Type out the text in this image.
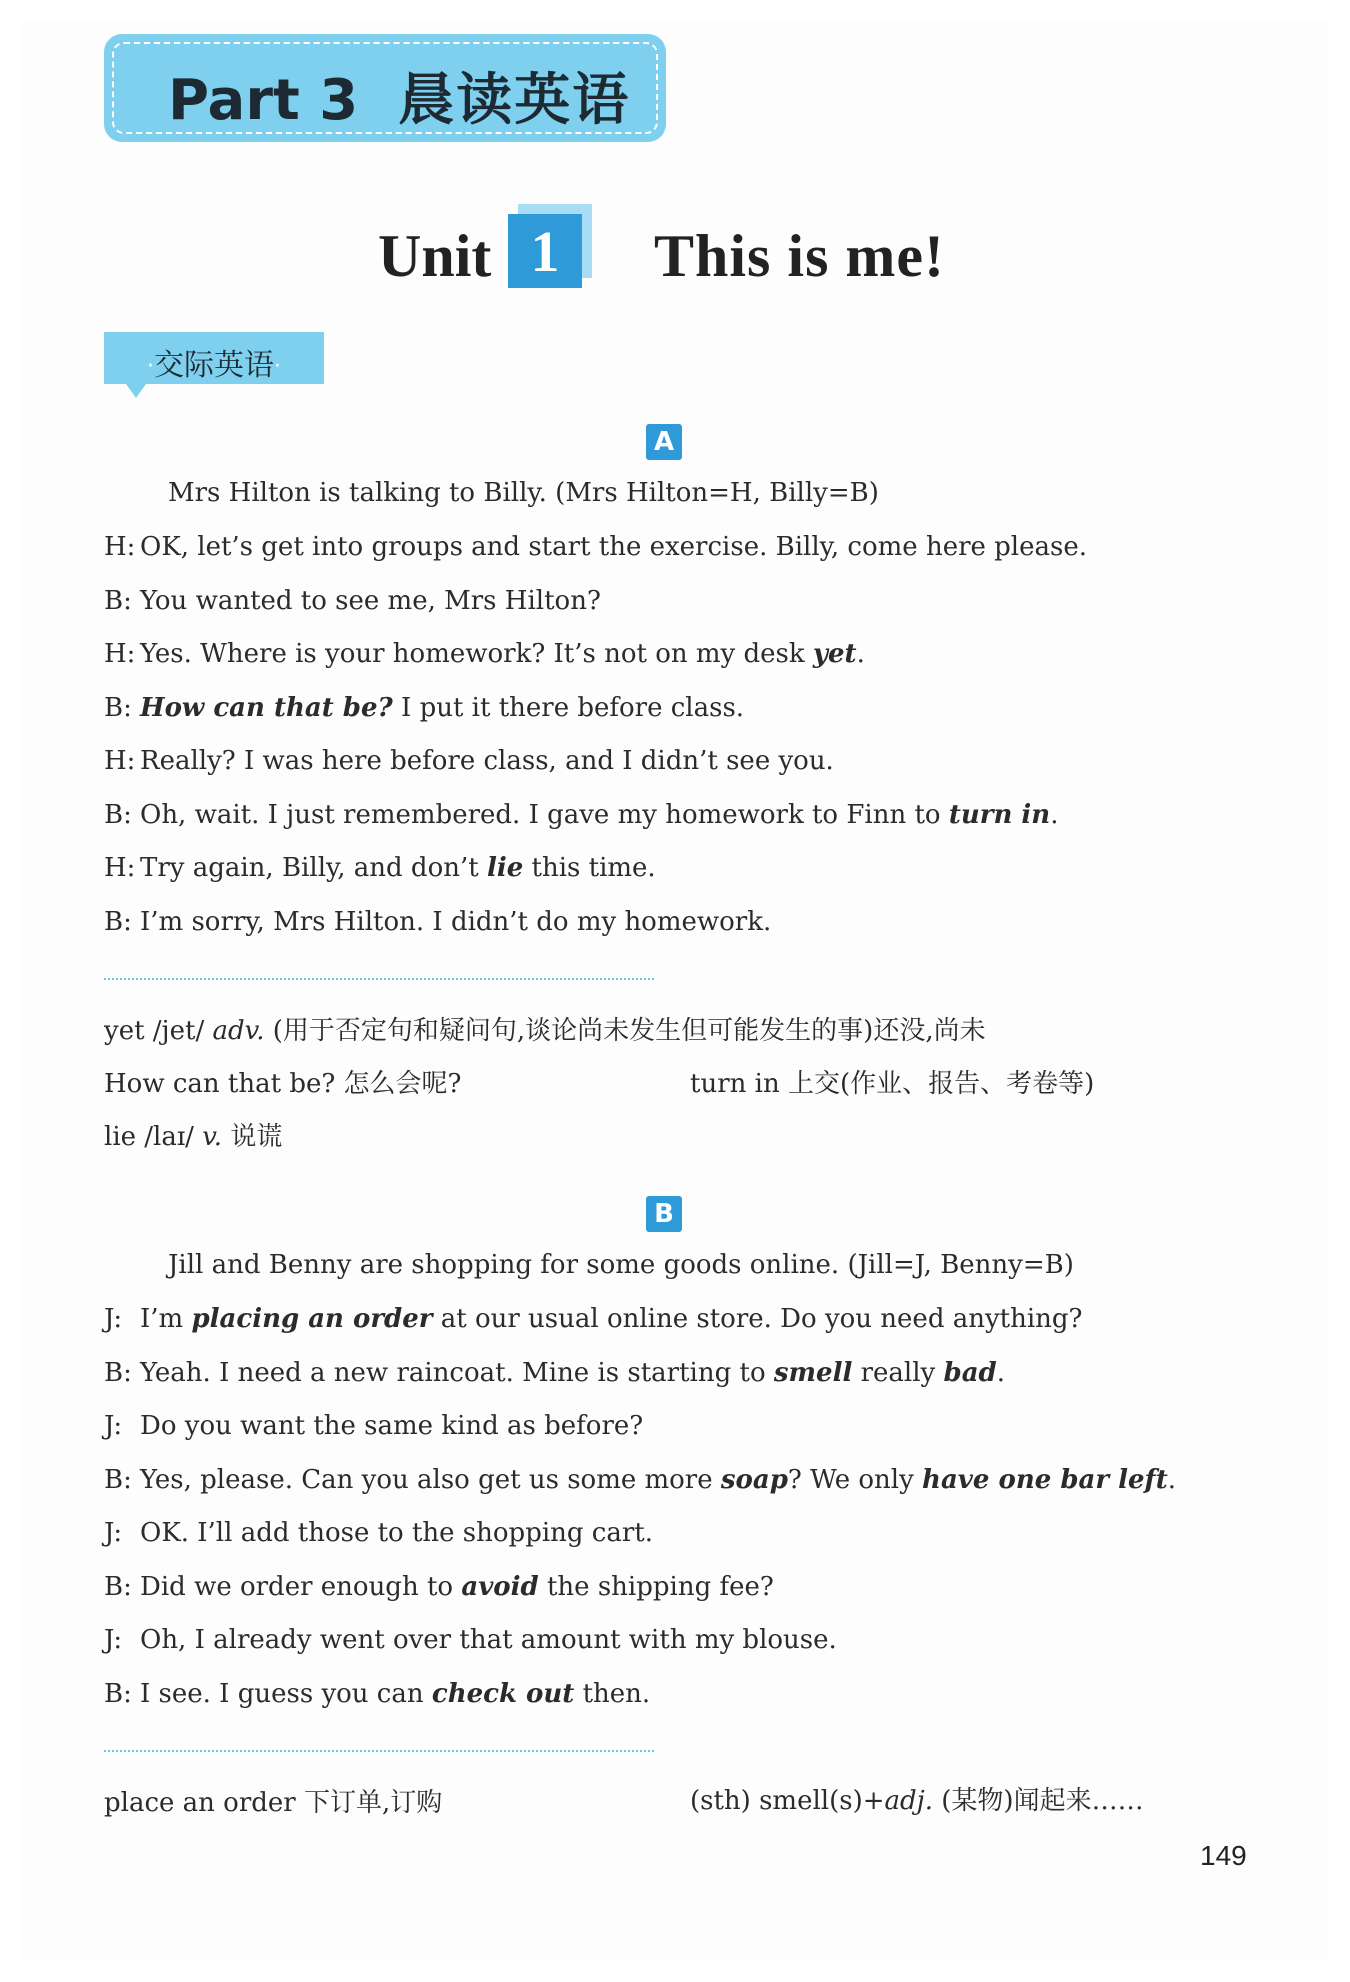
Part 3 晨读英语
Unit 1	This is me!
·交际英语·
A
Mrs Hilton is talking to Billy. (Mrs Hilton=H, Billy=B)
H: OK, let’s get into groups and start the exercise. Billy, come here please.
B: You wanted to see me, Mrs Hilton?
H: Yes. Where is your homework? It’s not on my desk yet.
B: How can that be? I put it there before class.
H: Really? I was here before class, and I didn’t see you.
B: Oh, wait. I just remembered. I gave my homework to Finn to turn in.
H: Try again, Billy, and don’t lie this time.
B: I’m sorry, Mrs Hilton. I didn’t do my homework.
yet /jet/ adv. (用于否定句和疑问句,谈论尚未发生但可能发生的事)还没,尚未
How can that be? 怎么会呢?	turn in 上交(作业、报告、考卷等)
lie /laɪ/ v. 说谎
B
Jill and Benny are shopping for some goods online. (Jill=J, Benny=B)
J: I’m placing an order at our usual online store. Do you need anything?
B: Yeah. I need a new raincoat. Mine is starting to smell really bad.
J: Do you want the same kind as before?
B: Yes, please. Can you also get us some more soap? We only have one bar left.
J: OK. I’ll add those to the shopping cart.
B: Did we order enough to avoid the shipping fee?
J: Oh, I already went over that amount with my blouse.
B: I see. I guess you can check out then.
place an order 下订单,订购	(sth) smell(s)+adj. (某物)闻起来……
149
